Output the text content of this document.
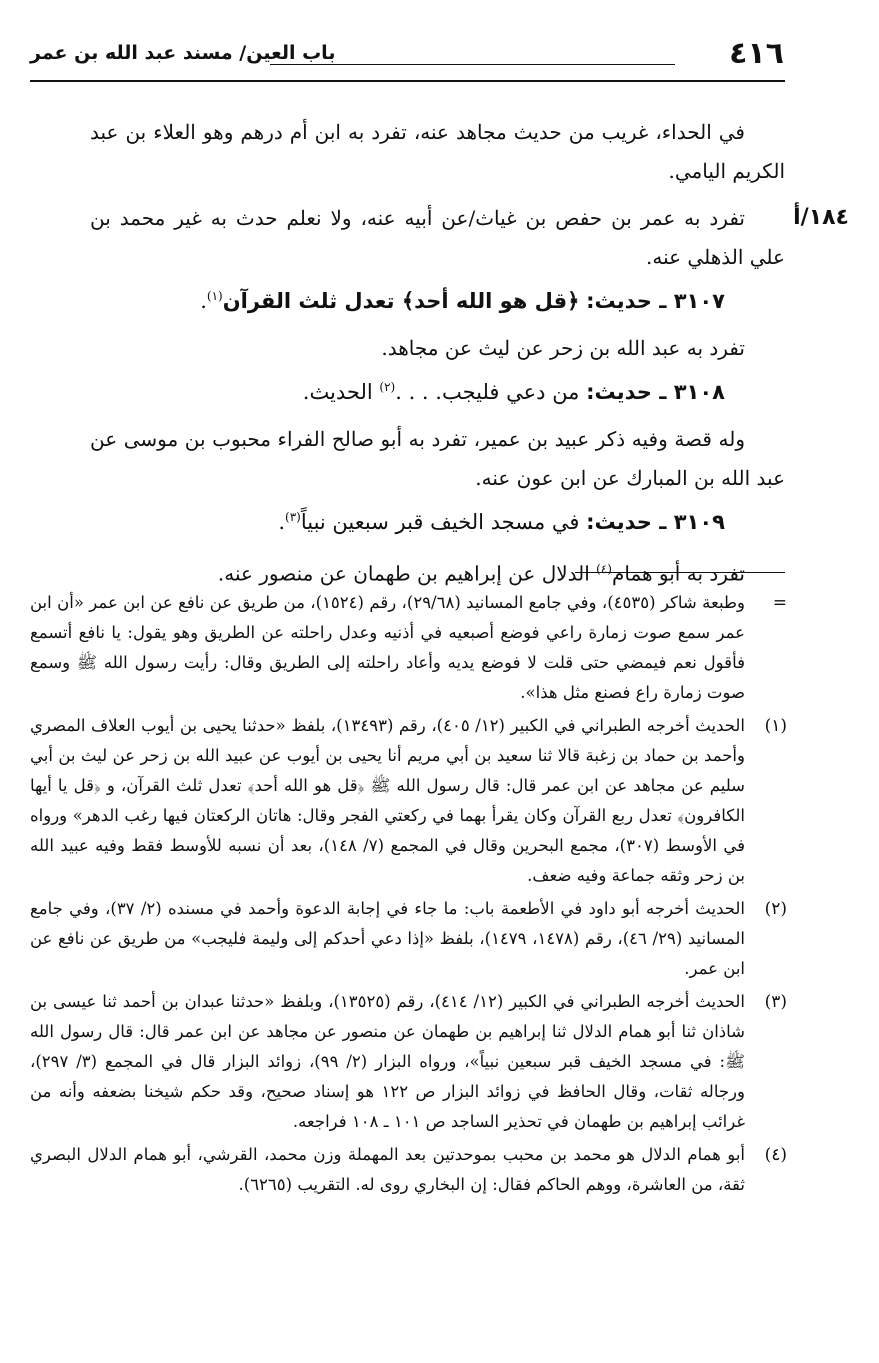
٤١٦
باب العين/ مسند عبد الله بن عمر
١٨٤/أ

في الحداء، غريب من حديث مجاهد عنه، تفرد به ابن أم درهم وهو العلاء بن عبد الكريم اليامي.

تفرد به عمر بن حفص بن غياث/عن أبيه عنه، ولا نعلم حدث به غير محمد بن علي الذهلي عنه.

٣١٠٧ ـ حديث: ﴿قل هو الله أحد﴾ تعدل ثلث القرآن$^{(١)}$.

تفرد به عبد الله بن زحر عن ليث عن مجاهد.

٣١٠٨ ـ حديث: من دعي فليجب. . . .$^{(٢)}$ الحديث.

وله قصة وفيه ذكر عبيد بن عمير، تفرد به أبو صالح الفراء محبوب بن موسى عن عبد الله بن المبارك عن ابن عون عنه.

٣١٠٩ ـ حديث: في مسجد الخيف قبر سبعين نبياً$^{(٣)}$.

تفرد به أبو همام$^{(٤)}$ الدلال عن إبراهيم بن طهمان عن منصور عنه.

=
وطبعة شاكر (٤٥٣٥)، وفي جامع المسانيد (٢٩/٦٨)، رقم (١٥٢٤)، من طريق عن نافع عن ابن عمر «أن ابن عمر سمع صوت زمارة راعي فوضع أصبعيه في أذنيه وعدل راحلته عن الطريق وهو يقول: يا نافع أتسمع فأقول نعم فيمضي حتى قلت لا فوضع يديه وأعاد راحلته إلى الطريق وقال: رأيت رسول الله ﷺ وسمع صوت زمارة راع فصنع مثل هذا».
(١)
الحديث أخرجه الطبراني في الكبير (١٢/ ٤٠٥)، رقم (١٣٤٩٣)، بلفظ «حدثنا يحيى بن أيوب العلاف المصري وأحمد بن حماد بن زغبة قالا ثنا سعيد بن أبي مريم أنا يحيى بن أيوب عن عبيد الله بن زحر عن ليث بن أبي سليم عن مجاهد عن ابن عمر قال: قال رسول الله ﷺ ﴿قل هو الله أحد﴾ تعدل ثلث القرآن، و ﴿قل يا أيها الكافرون﴾ تعدل ربع القرآن وكان يقرأ بهما في ركعتي الفجر وقال: هاتان الركعتان فيها رغب الدهر» ورواه في الأوسط (٣٠٧)، مجمع البحرين وقال في المجمع (٧/ ١٤٨)، بعد أن نسبه للأوسط فقط وفيه عبيد الله بن زحر وثقه جماعة وفيه ضعف.
(٢)
الحديث أخرجه أبو داود في الأطعمة باب: ما جاء في إجابة الدعوة وأحمد في مسنده (٢/ ٣٧)، وفي جامع المسانيد (٢٩/ ٤٦)، رقم (١٤٧٨، ١٤٧٩)، بلفظ «إذا دعي أحدكم إلى وليمة فليجب» من طريق عن نافع عن ابن عمر.
(٣)
الحديث أخرجه الطبراني في الكبير (١٢/ ٤١٤)، رقم (١٣٥٢٥)، وبلفظ «حدثنا عبدان بن أحمد ثنا عيسى بن شاذان ثنا أبو همام الدلال ثنا إبراهيم بن طهمان عن منصور عن مجاهد عن ابن عمر قال: قال رسول الله ﷺ: في مسجد الخيف قبر سبعين نبياً»، ورواه البزار (٢/ ٩٩)، زوائد البزار قال في المجمع (٣/ ٢٩٧)، ورجاله ثقات، وقال الحافظ في زوائد البزار ص ١٢٢ هو إسناد صحيح، وقد حكم شيخنا بضعفه وأنه من غرائب إبراهيم بن طهمان في تحذير الساجد ص ١٠١ ـ ١٠٨ فراجعه.
(٤)
أبو همام الدلال هو محمد بن محبب بموحدتين بعد المهملة وزن محمد، القرشي، أبو همام الدلال البصري ثقة، من العاشرة، ووهم الحاكم فقال: إن البخاري روى له. التقريب (٦٢٦٥).
